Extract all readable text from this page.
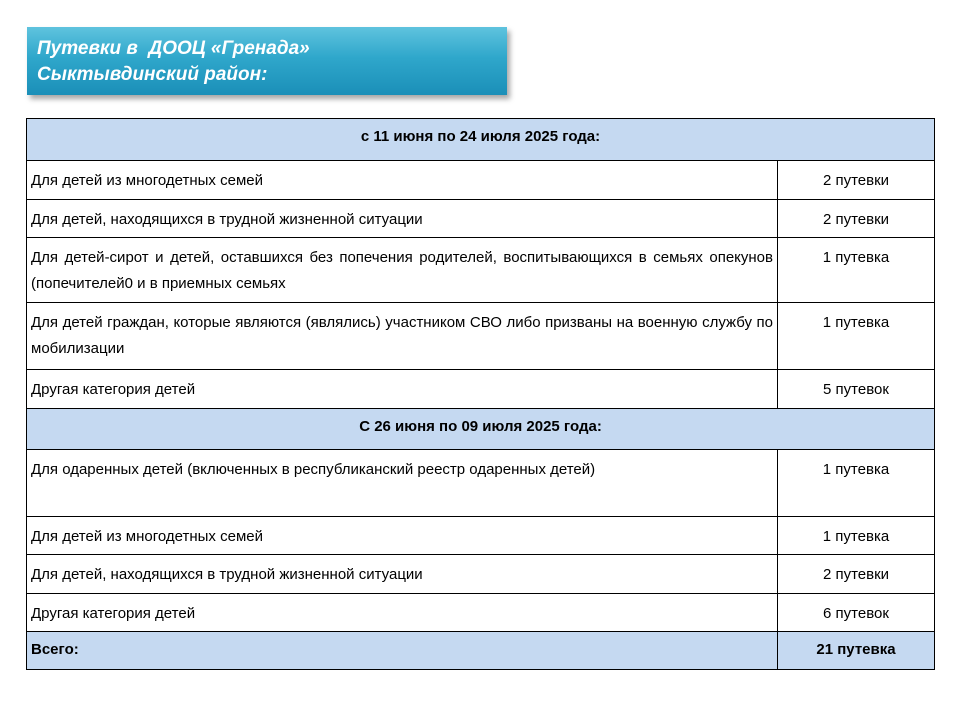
Путевки в  ДООЦ «Гренада»
Сыктывдинский район:
с 11 июня по 24 июля 2025 года:	
Для детей из многодетных семей	2 путевки
Для детей, находящихся в трудной жизненной ситуации	2 путевки
Для детей-сирот и детей, оставшихся без попечения родителей, воспитывающихся в семьях опекунов (попечителей0 и в приемных семьях	1 путевка
Для детей граждан, которые являются (являлись) участником СВО либо призваны на военную службу по мобилизации	1 путевка
Другая категория детей	5 путевок
С 26 июня по 09 июля 2025 года:	
Для одаренных детей (включенных в республиканский реестр одаренных детей)	1 путевка
Для детей из многодетных семей	1 путевка
Для детей, находящихся в трудной жизненной ситуации	2 путевки
Другая категория детей	6 путевок
Всего:	21 путевка
